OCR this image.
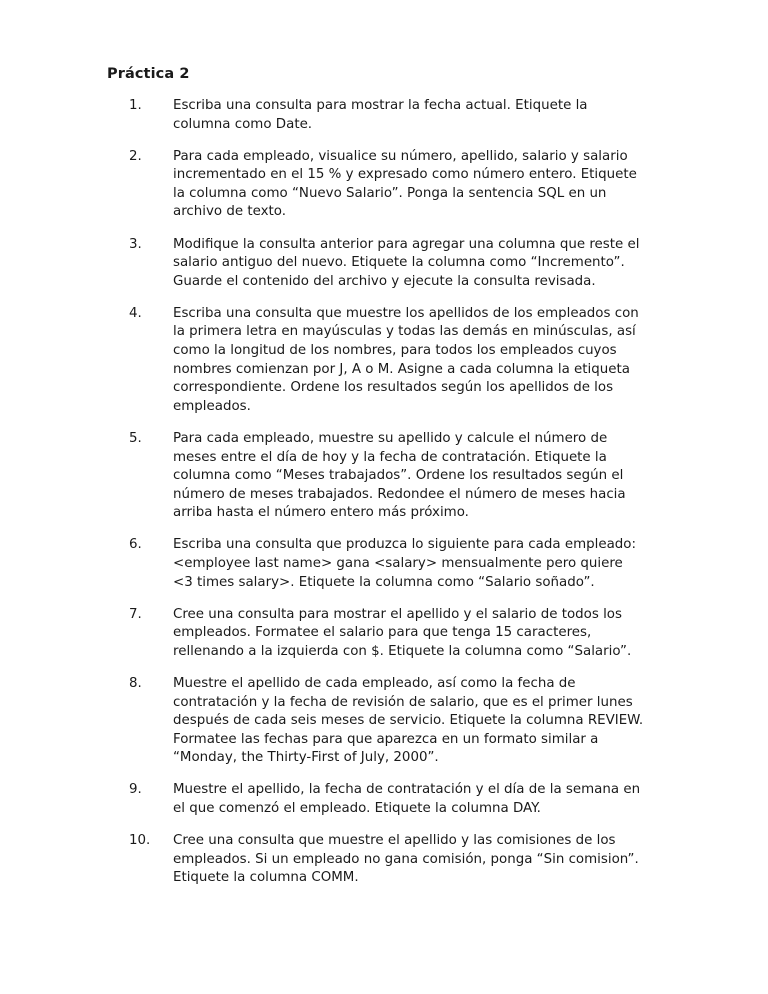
Práctica 2
1. Escriba una consulta para mostrar la fecha actual. Etiquete la
columna como Date.
2. Para cada empleado, visualice su número, apellido, salario y salario
incrementado en el 15 % y expresado como número entero. Etiquete
la columna como “Nuevo Salario”. Ponga la sentencia SQL en un
archivo de texto.
3. Modifique la consulta anterior para agregar una columna que reste el
salario antiguo del nuevo. Etiquete la columna como “Incremento”.
Guarde el contenido del archivo y ejecute la consulta revisada.
4. Escriba una consulta que muestre los apellidos de los empleados con
la primera letra en mayúsculas y todas las demás en minúsculas, así
como la longitud de los nombres, para todos los empleados cuyos
nombres comienzan por J, A o M. Asigne a cada columna la etiqueta
correspondiente. Ordene los resultados según los apellidos de los
empleados.
5. Para cada empleado, muestre su apellido y calcule el número de
meses entre el día de hoy y la fecha de contratación. Etiquete la
columna como “Meses trabajados”. Ordene los resultados según el
número de meses trabajados. Redondee el número de meses hacia
arriba hasta el número entero más próximo.
6. Escriba una consulta que produzca lo siguiente para cada empleado:
<employee last name> gana <salary> mensualmente pero quiere
<3 times salary>. Etiquete la columna como “Salario soñado”.
7. Cree una consulta para mostrar el apellido y el salario de todos los
empleados. Formatee el salario para que tenga 15 caracteres,
rellenando a la izquierda con $. Etiquete la columna como “Salario”.
8. Muestre el apellido de cada empleado, así como la fecha de
contratación y la fecha de revisión de salario, que es el primer lunes
después de cada seis meses de servicio. Etiquete la columna REVIEW.
Formatee las fechas para que aparezca en un formato similar a
“Monday, the Thirty-First of July, 2000”.
9. Muestre el apellido, la fecha de contratación y el día de la semana en
el que comenzó el empleado. Etiquete la columna DAY.
10. Cree una consulta que muestre el apellido y las comisiones de los
empleados. Si un empleado no gana comisión, ponga “Sin comision”.
Etiquete la columna COMM.
